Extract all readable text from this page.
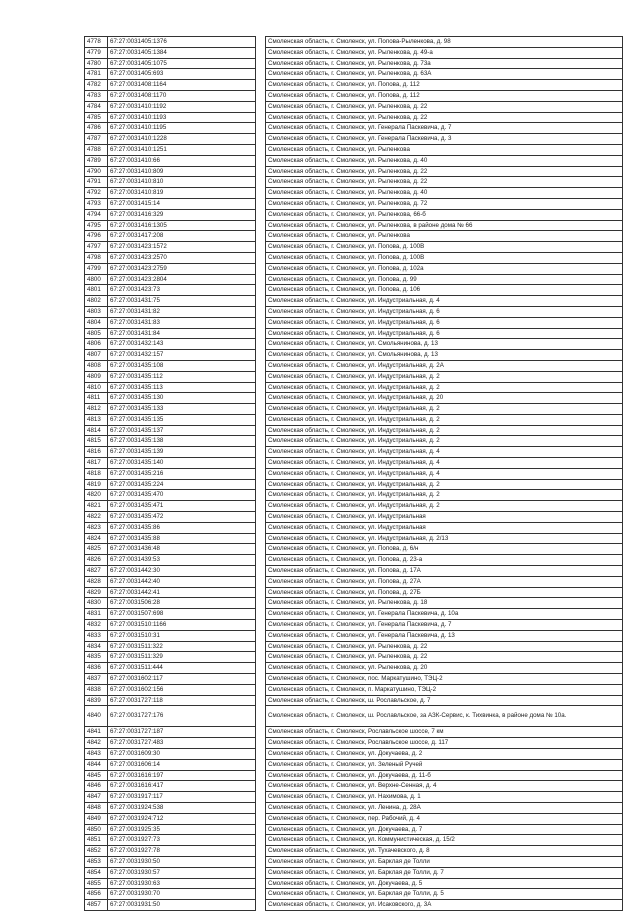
4778	67:27:0031405:1376		Смоленская область, г. Смоленск, ул. Попова-Рыленкова, д. 98
4779	67:27:0031405:1384		Смоленская область, г. Смоленск, ул. Рыленкова, д. 49-а
4780	67:27:0031405:1075		Смоленская область, г. Смоленск, ул. Рыленкова, д. 73а
4781	67:27:0031405:693		Смоленская область, г. Смоленск, ул. Рыленкова, д. 63А
4782	67:27:0031408:1164		Смоленская область, г. Смоленск, ул. Попова, д. 112
4783	67:27:0031408:1170		Смоленская область, г. Смоленск, ул. Попова, д. 112
4784	67:27:0031410:1192		Смоленская область, г. Смоленск, ул. Рыленкова, д. 22
4785	67:27:0031410:1193		Смоленская область, г. Смоленск, ул. Рыленкова, д. 22
4786	67:27:0031410:1195		Смоленская область, г. Смоленск, ул. Генерала Паскевича, д. 7
4787	67:27:0031410:1228		Смоленская область, г. Смоленск, ул. Генерала Паскевича, д. 3
4788	67:27:0031410:1251		Смоленская область, г. Смоленск, ул. Рыленкова
4789	67:27:0031410:66		Смоленская область, г. Смоленск, ул. Рыленкова, д. 40
4790	67:27:0031410:809		Смоленская область, г. Смоленск, ул. Рыленкова, д. 22
4791	67:27:0031410:810		Смоленская область, г. Смоленск, ул. Рыленкова, д. 22
4792	67:27:0031410:819		Смоленская область, г. Смоленск, ул. Рыленкова, д. 40
4793	67:27:0031415:14		Смоленская область, г. Смоленск, ул. Рыленкова, д. 72
4794	67:27:0031416:329		Смоленская область, г. Смоленск, ул. Рыленкова, 66-б
4795	67:27:0031416:1305		Смоленская область, г. Смоленск, ул. Рыленкова, в районе дома № 66
4796	67:27:0031417:208		Смоленская область, г. Смоленск, ул. Рыленкова
4797	67:27:0031423:1572		Смоленская область, г. Смоленск, ул. Попова, д. 100В
4798	67:27:0031423:2570		Смоленская область, г. Смоленск, ул. Попова, д. 100В
4799	67:27:0031423:2759		Смоленская область, г. Смоленск, ул. Попова, д. 102а
4800	67:27:0031423:2804		Смоленская область, г. Смоленск, ул. Попова, д. 99
4801	67:27:0031423:73		Смоленская область, г. Смоленск, ул. Попова, д. 106
4802	67:27:0031431:75		Смоленская область, г. Смоленск, ул. Индустриальная, д. 4
4803	67:27:0031431:82		Смоленская область, г. Смоленск, ул. Индустриальная, д. 6
4804	67:27:0031431:83		Смоленская область, г. Смоленск, ул. Индустриальная, д. 6
4805	67:27:0031431:84		Смоленская область, г. Смоленск, ул. Индустриальная, д. 6
4806	67:27:0031432:143		Смоленская область, г. Смоленск, ул. Смольянинова, д. 13
4807	67:27:0031432:157		Смоленская область, г. Смоленск, ул. Смольянинова, д. 13
4808	67:27:0031435:108		Смоленская область, г. Смоленск, ул. Индустриальная, д. 2А
4809	67:27:0031435:112		Смоленская область, г. Смоленск, ул. Индустриальная, д. 2
4810	67:27:0031435:113		Смоленская область, г. Смоленск, ул. Индустриальная, д. 2
4811	67:27:0031435:130		Смоленская область, г. Смоленск, ул. Индустриальная, д. 20
4812	67:27:0031435:133		Смоленская область, г. Смоленск, ул. Индустриальная, д. 2
4813	67:27:0031435:135		Смоленская область, г. Смоленск, ул. Индустриальная, д. 2
4814	67:27:0031435:137		Смоленская область, г. Смоленск, ул. Индустриальная, д. 2
4815	67:27:0031435:138		Смоленская область, г. Смоленск, ул. Индустриальная, д. 2
4816	67:27:0031435:139		Смоленская область, г. Смоленск, ул. Индустриальная, д. 4
4817	67:27:0031435:140		Смоленская область, г. Смоленск, ул. Индустриальная, д. 4
4818	67:27:0031435:216		Смоленская область, г. Смоленск, ул. Индустриальная, д. 4
4819	67:27:0031435:224		Смоленская область, г. Смоленск, ул. Индустриальная, д. 2
4820	67:27:0031435:470		Смоленская область, г. Смоленск, ул. Индустриальная, д. 2
4821	67:27:0031435:471		Смоленская область, г. Смоленск, ул. Индустриальная, д. 2
4822	67:27:0031435:472		Смоленская область, г. Смоленск, ул. Индустриальная
4823	67:27:0031435:86		Смоленская область, г. Смоленск, ул. Индустриальная
4824	67:27:0031435:88		Смоленская область, г. Смоленск, ул. Индустриальная, д. 2/13
4825	67:27:0031436:48		Смоленская область, г. Смоленск, ул. Попова, д. 6/н
4826	67:27:0031439:53		Смоленская область, г. Смоленск, ул. Попова, д. 23-а
4827	67:27:0031442:30		Смоленская область, г. Смоленск, ул. Попова, д. 17А
4828	67:27:0031442:40		Смоленская область, г. Смоленск, ул. Попова, д. 27А
4829	67:27:0031442:41		Смоленская область, г. Смоленск, ул. Попова, д. 27Б
4830	67:27:0031506:28		Смоленская область, г. Смоленск, ул. Рыленкова, д. 18
4831	67:27:0031507:698		Смоленская область, г. Смоленск, ул. Генерала Паскевича, д. 10а
4832	67:27:0031510:1166		Смоленская область, г. Смоленск, ул. Генерала Паскевича, д. 7
4833	67:27:0031510:31		Смоленская область, г. Смоленск, ул. Генерала Паскевича, д. 13
4834	67:27:0031511:322		Смоленская область, г. Смоленск, ул. Рыленкова, д. 22
4835	67:27:0031511:329		Смоленская область, г. Смоленск, ул. Рыленкова, д. 22
4836	67:27:0031511:444		Смоленская область, г. Смоленск, ул. Рыленкова, д. 20
4837	67:27:0031602:117		Смоленская область, г. Смоленск, пос. Маркатушино, ТЭЦ-2
4838	67:27:0031602:156		Смоленская область, г. Смоленск, п. Маркатушино, ТЭЦ-2
4839	67:27:0031727:118		Смоленская область, г. Смоленск, ш. Рославльское, д. 7
4840	67:27:0031727:176		Смоленская область, г. Смоленск, ш. Рославльское, за АЗК-Сервис, к. Тихвинка, в районе дома № 10а.
4841	67:27:0031727:187		Смоленская область, г. Смоленск, Рославльское шоссе, 7 км
4842	67:27:0031727:483		Смоленская область, г. Смоленск, Рославльское шоссе, д. 117
4843	67:27:0031609:30		Смоленская область, г. Смоленск, ул. Докучаева, д. 2
4844	67:27:0031606:14		Смоленская область, г. Смоленск, ул. Зеленый Ручей
4845	67:27:0031616:197		Смоленская область, г. Смоленск, ул. Докучаева, д. 11-б
4846	67:27:0031616:417		Смоленская область, г. Смоленск, ул. Верхне-Сенная, д. 4
4847	67:27:0031917:117		Смоленская область, г. Смоленск, ул. Нахимова, д. 1
4848	67:27:0031924:538		Смоленская область, г. Смоленск, ул. Ленина, д. 28А
4849	67:27:0031924:712		Смоленская область, г. Смоленск, пер. Рабочий, д. 4
4850	67:27:0031925:35		Смоленская область, г. Смоленск, ул. Докучаева, д. 7
4851	67:27:0031927:73		Смоленская область, г. Смоленск, ул. Коммунистическая, д. 15/2
4852	67:27:0031927:78		Смоленская область, г. Смоленск, ул. Тухачевского, д. 8
4853	67:27:0031930:50		Смоленская область, г. Смоленск, ул. Барклая де Толли
4854	67:27:0031930:57		Смоленская область, г. Смоленск, ул. Барклая де Толли, д. 7
4855	67:27:0031930:63		Смоленская область, г. Смоленск, ул. Докучаева, д. 5
4856	67:27:0031930:70		Смоленская область, г. Смоленск, ул. Барклая де Толли, д. 5
4857	67:27:0031931:50		Смоленская область, г. Смоленск, ул. Исаковского, д. 3А
